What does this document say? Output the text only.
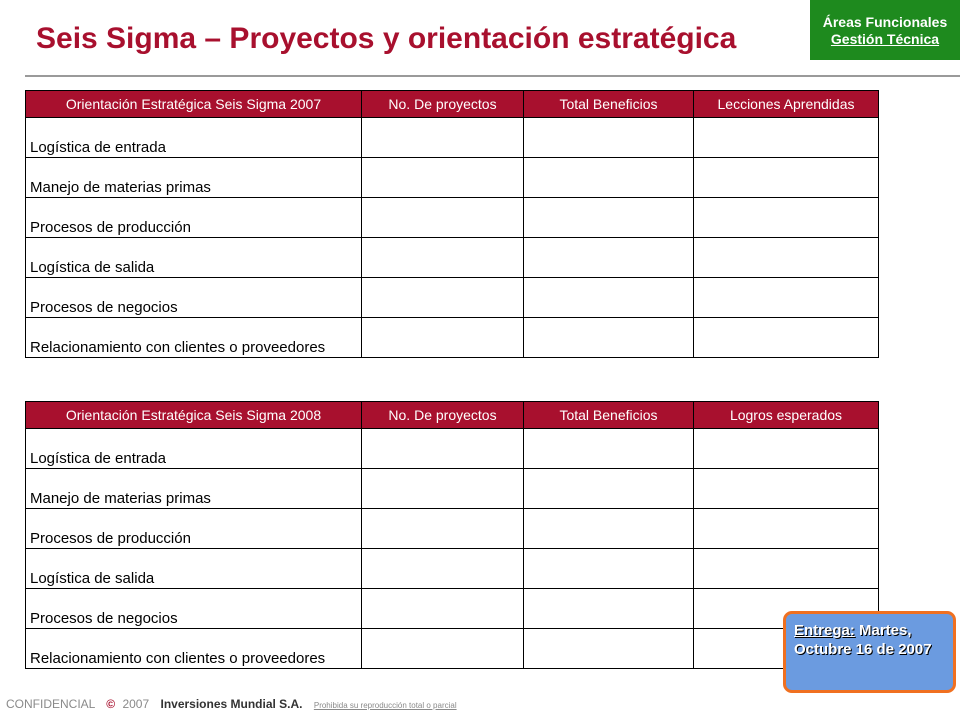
Seis Sigma – Proyectos y orientación estratégica	Áreas Funcionales
Gestión Técnica
Orientación Estratégica Seis Sigma 2007	No. De proyectos	Total Beneficios	Lecciones Aprendidas
Logística de entrada			
Manejo de materias primas			
Procesos de producción			
Logística de salida			
Procesos de negocios			
Relacionamiento con clientes o proveedores			
Orientación Estratégica Seis Sigma 2008	No. De proyectos	Total Beneficios	Logros esperados
Logística de entrada			
Manejo de materias primas			
Procesos de producción			
Logística de salida			
Procesos de negocios			
Relacionamiento con clientes o proveedores			
Entrega: Martes, Octubre 16 de 2007
CONFIDENCIAL © 2007 Inversiones Mundial S.A. Prohibida su reproducción total o parcial
